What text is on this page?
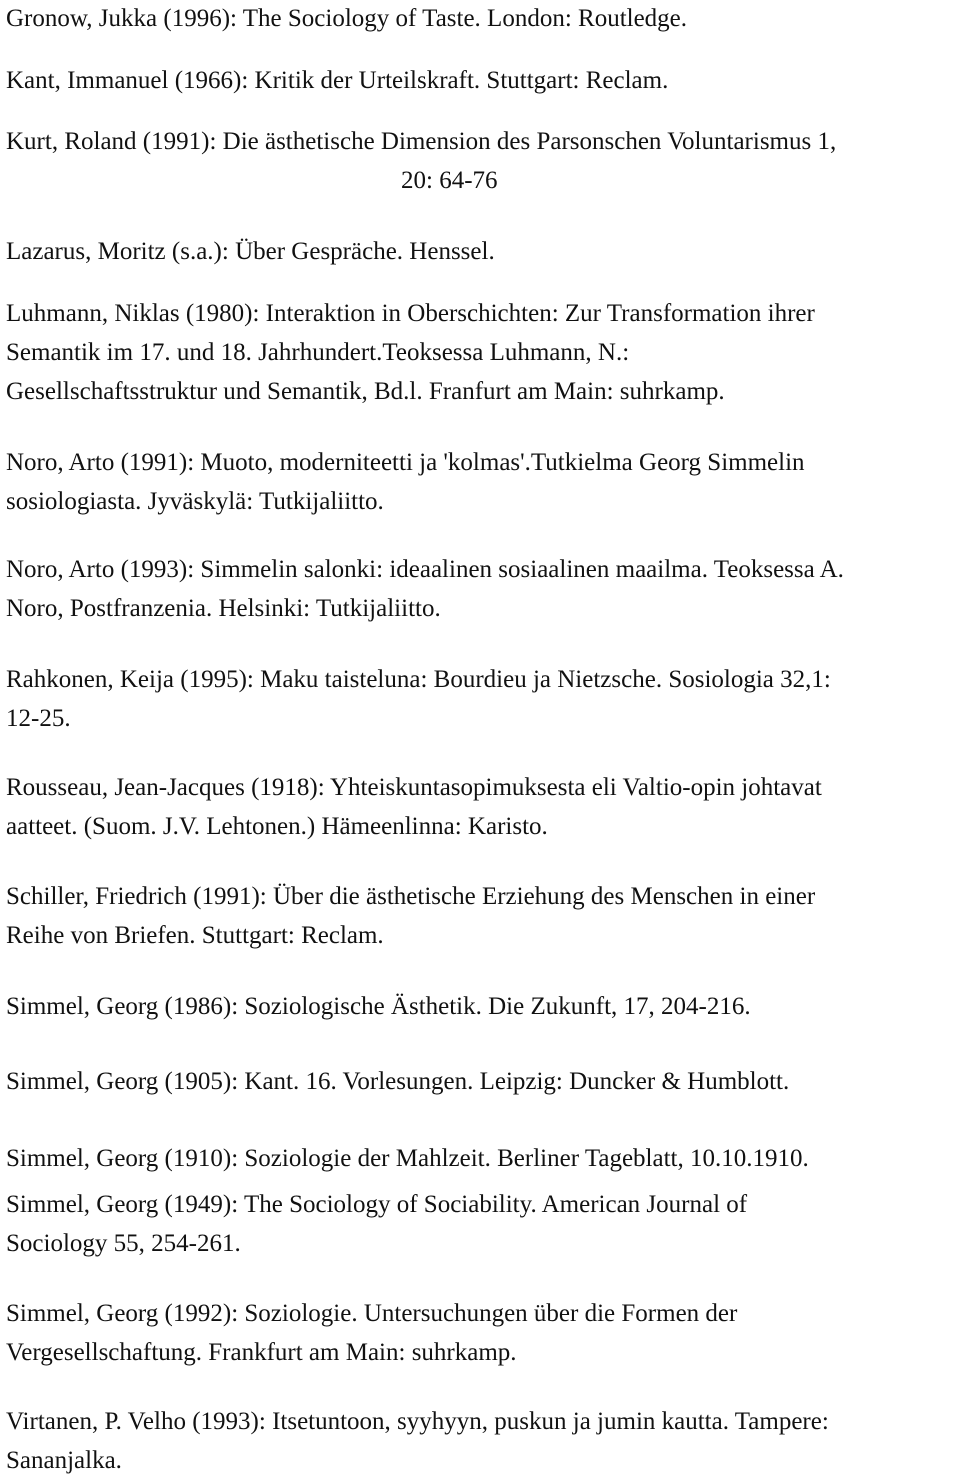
Gronow, Jukka (1996): The Sociology of Taste. London: Routledge.

Kant, Immanuel (1966): Kritik der Urteilskraft. Stuttgart: Reclam.

Kurt, Roland (1991): Die ästhetische Dimension des Parsonschen Voluntarismus 1,
20: 64-76

Lazarus, Moritz (s.a.): Über Gespräche. Henssel.

Luhmann, Niklas (1980): Interaktion in Oberschichten: Zur Transformation ihrer
Semantik im 17. und 18. Jahrhundert.Teoksessa Luhmann, N.:
Gesellschaftsstruktur und Semantik, Bd.l. Franfurt am Main: suhrkamp.

Noro, Arto (1991): Muoto, moderniteetti ja 'kolmas'.Tutkielma Georg Simmelin
sosiologiasta. Jyväskylä: Tutkijaliitto.

Noro, Arto (1993): Simmelin salonki: ideaalinen sosiaalinen maailma. Teoksessa A.
Noro, Postfranzenia. Helsinki: Tutkijaliitto.

Rahkonen, Keija (1995): Maku taisteluna: Bourdieu ja Nietzsche. Sosiologia 32,1:
12-25.

Rousseau, Jean-Jacques (1918): Yhteiskuntasopimuksesta eli Valtio-opin johtavat
aatteet. (Suom. J.V. Lehtonen.) Hämeenlinna: Karisto.

Schiller, Friedrich (1991): Über die ästhetische Erziehung des Menschen in einer
Reihe von Briefen. Stuttgart: Reclam.

Simmel, Georg (1986): Soziologische Ästhetik. Die Zukunft, 17, 204-216.

Simmel, Georg (1905): Kant. 16. Vorlesungen. Leipzig: Duncker & Humblott.

Simmel, Georg (1910): Soziologie der Mahlzeit. Berliner Tageblatt, 10.10.1910.

Simmel, Georg (1949): The Sociology of Sociability. American Journal of
Sociology 55, 254-261.

Simmel, Georg (1992): Soziologie. Untersuchungen über die Formen der
Vergesellschaftung. Frankfurt am Main: suhrkamp.

Virtanen, P. Velho (1993): Itsetuntoon, syyhyyn, puskun ja jumin kautta. Tampere:
Sananjalka.
